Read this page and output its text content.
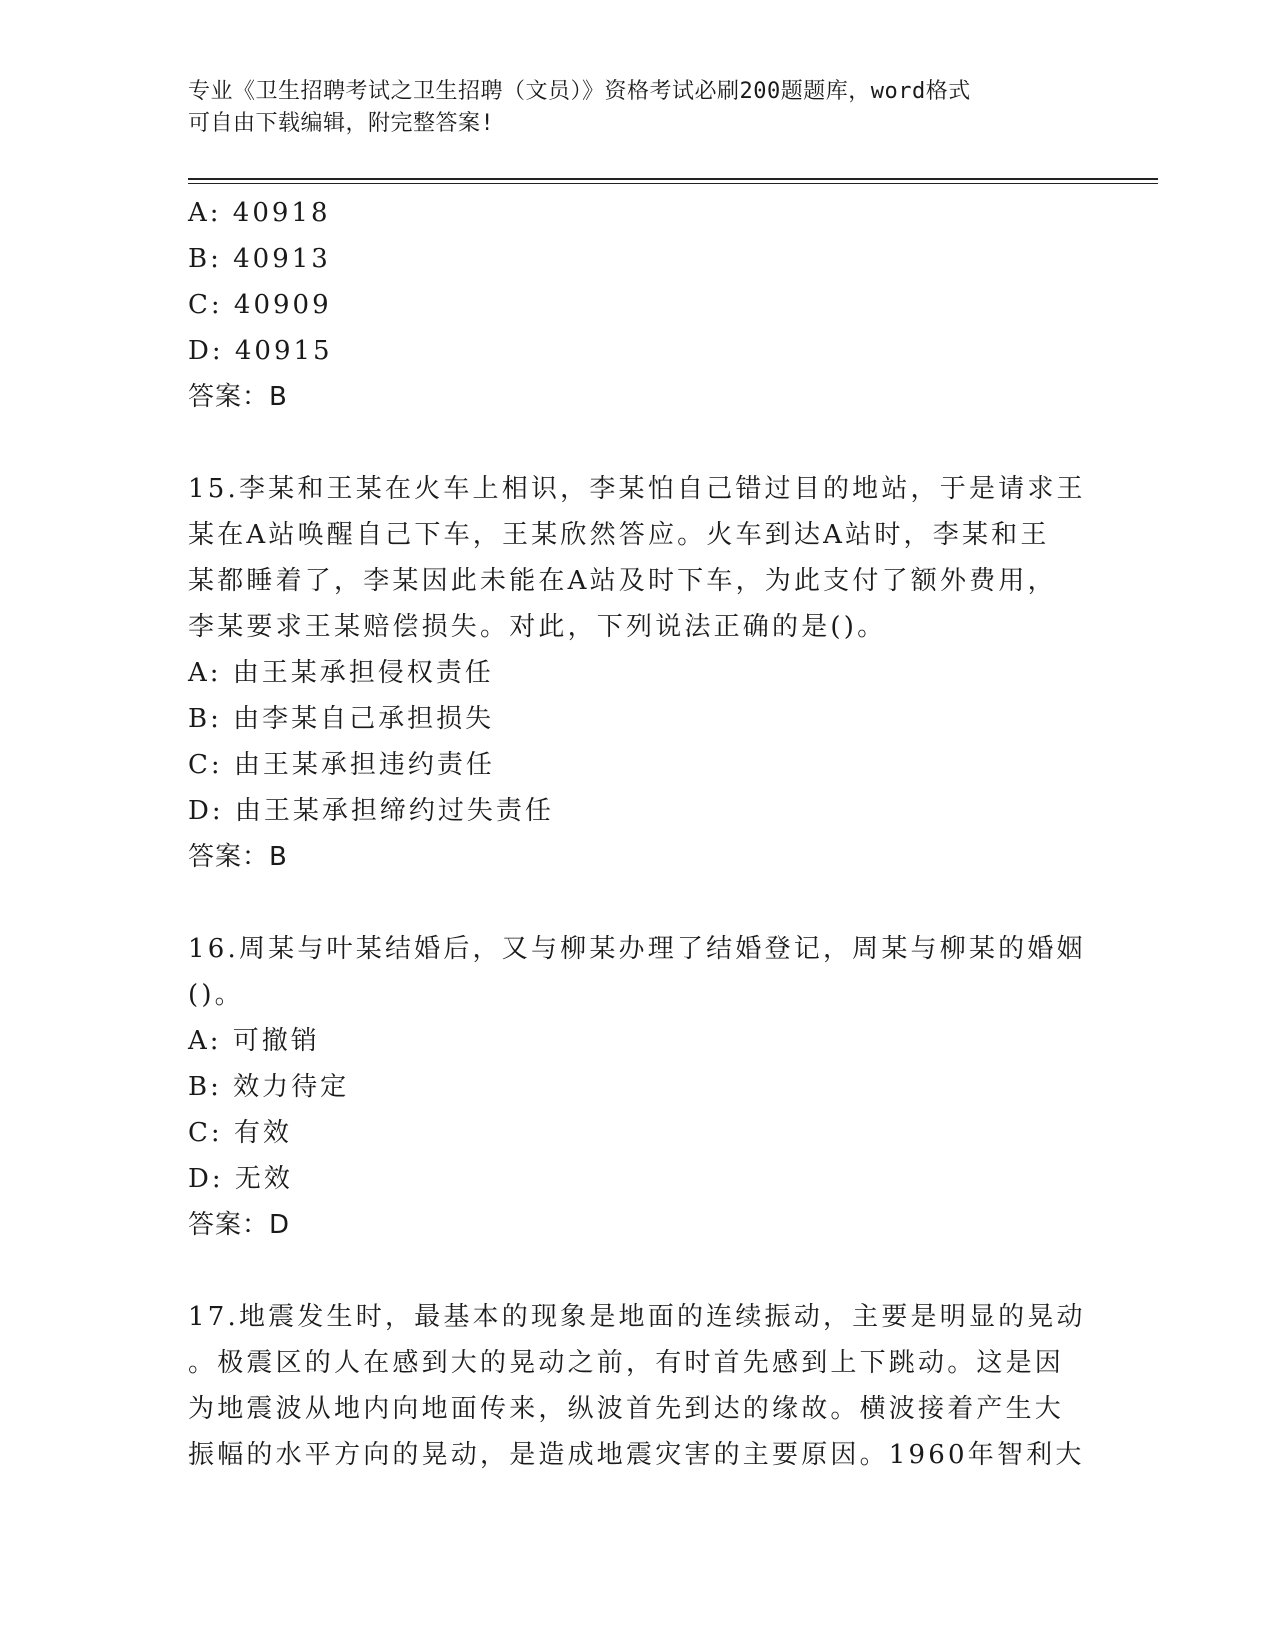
专业《卫生招聘考试之卫生招聘（文员）》资格考试必刷200题题库，word格式
可自由下载编辑，附完整答案!
A: 40918
B: 40913
C: 40909
D: 40915
答案：B
15.李某和王某在火车上相识，李某怕自己错过目的地站，于是请求王
某在A站唤醒自己下车，王某欣然答应。火车到达A站时，李某和王
某都睡着了，李某因此未能在A站及时下车，为此支付了额外费用，
李某要求王某赔偿损失。对此，下列说法正确的是()。
A: 由王某承担侵权责任
B: 由李某自己承担损失
C: 由王某承担违约责任
D: 由王某承担缔约过失责任
答案：B
16.周某与叶某结婚后，又与柳某办理了结婚登记，周某与柳某的婚姻
()。
A: 可撤销
B: 效力待定
C: 有效
D: 无效
答案：D
17.地震发生时，最基本的现象是地面的连续振动，主要是明显的晃动
。极震区的人在感到大的晃动之前，有时首先感到上下跳动。这是因
为地震波从地内向地面传来，纵波首先到达的缘故。横波接着产生大
振幅的水平方向的晃动，是造成地震灾害的主要原因。1960年智利大
